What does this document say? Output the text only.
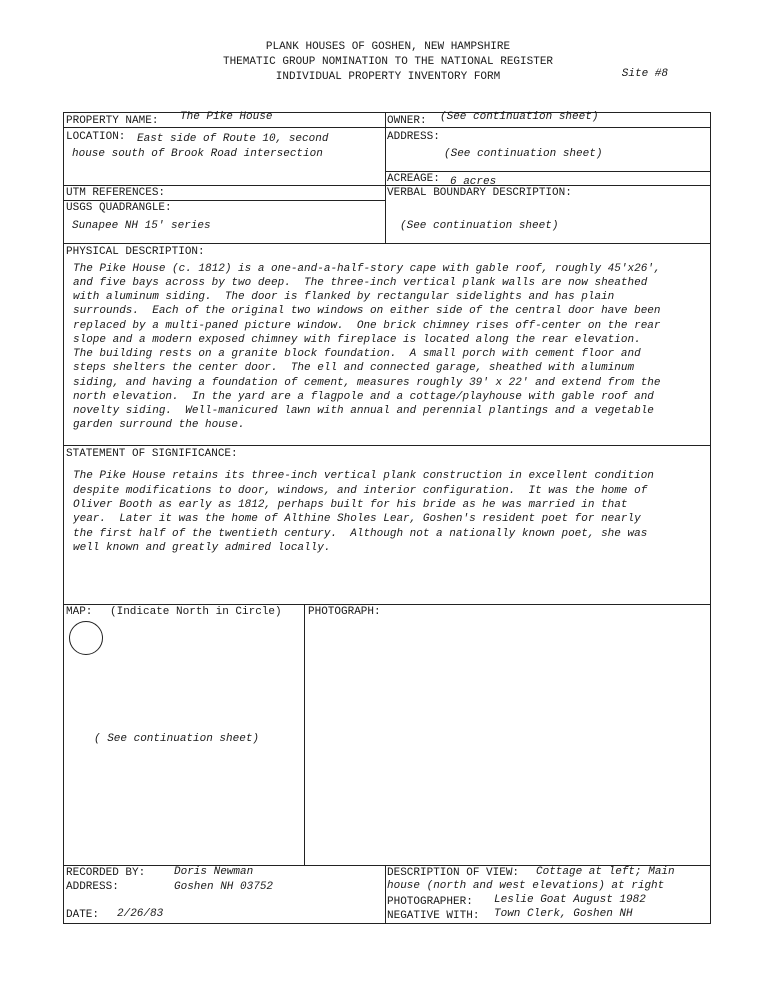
PLANK HOUSES OF GOSHEN, NEW HAMPSHIRE
THEMATIC GROUP NOMINATION TO THE NATIONAL REGISTER
INDIVIDUAL PROPERTY INVENTORY FORM	Site #8
PROPERTY NAME: The Pike House	OWNER: (See continuation sheet)
LOCATION: East side of Route 10, second
house south of Brook Road intersection
ADDRESS:
(See continuation sheet)
ACREAGE: 6 acres
UTM REFERENCES:	VERBAL BOUNDARY DESCRIPTION:
USGS QUADRANGLE:
Sunapee NH 15' series	(See continuation sheet)
PHYSICAL DESCRIPTION:
The Pike House (c. 1812) is a one-and-a-half-story cape with gable roof, roughly 45'x26',
and five bays across by two deep.  The three-inch vertical plank walls are now sheathed
with aluminum siding.  The door is flanked by rectangular sidelights and has plain
surrounds.  Each of the original two windows on either side of the central door have been
replaced by a multi-paned picture window.  One brick chimney rises off-center on the rear
slope and a modern exposed chimney with fireplace is located along the rear elevation.
The building rests on a granite block foundation.  A small porch with cement floor and
steps shelters the center door.  The ell and connected garage, sheathed with aluminum
siding, and having a foundation of cement, measures roughly 39' x 22' and extend from the
north elevation.  In the yard are a flagpole and a cottage/playhouse with gable roof and
novelty siding.  Well-manicured lawn with annual and perennial plantings and a vegetable
garden surround the house.
STATEMENT OF SIGNIFICANCE:
The Pike House retains its three-inch vertical plank construction in excellent condition
despite modifications to door, windows, and interior configuration.  It was the home of
Oliver Booth as early as 1812, perhaps built for his bride as he was married in that
year.  Later it was the home of Althine Sholes Lear, Goshen's resident poet for nearly
the first half of the twentieth century.  Although not a nationally known poet, she was
well known and greatly admired locally.
MAP: (Indicate North in Circle)
( See continuation sheet)
PHOTOGRAPH:
RECORDED BY:	Doris Newman
ADDRESS:	Goshen NH 03752
DATE: 2/26/83
DESCRIPTION OF VIEW: Cottage at left; Main
house (north and west elevations) at right
PHOTOGRAPHER: Leslie Goat August 1982
NEGATIVE WITH: Town Clerk, Goshen NH
